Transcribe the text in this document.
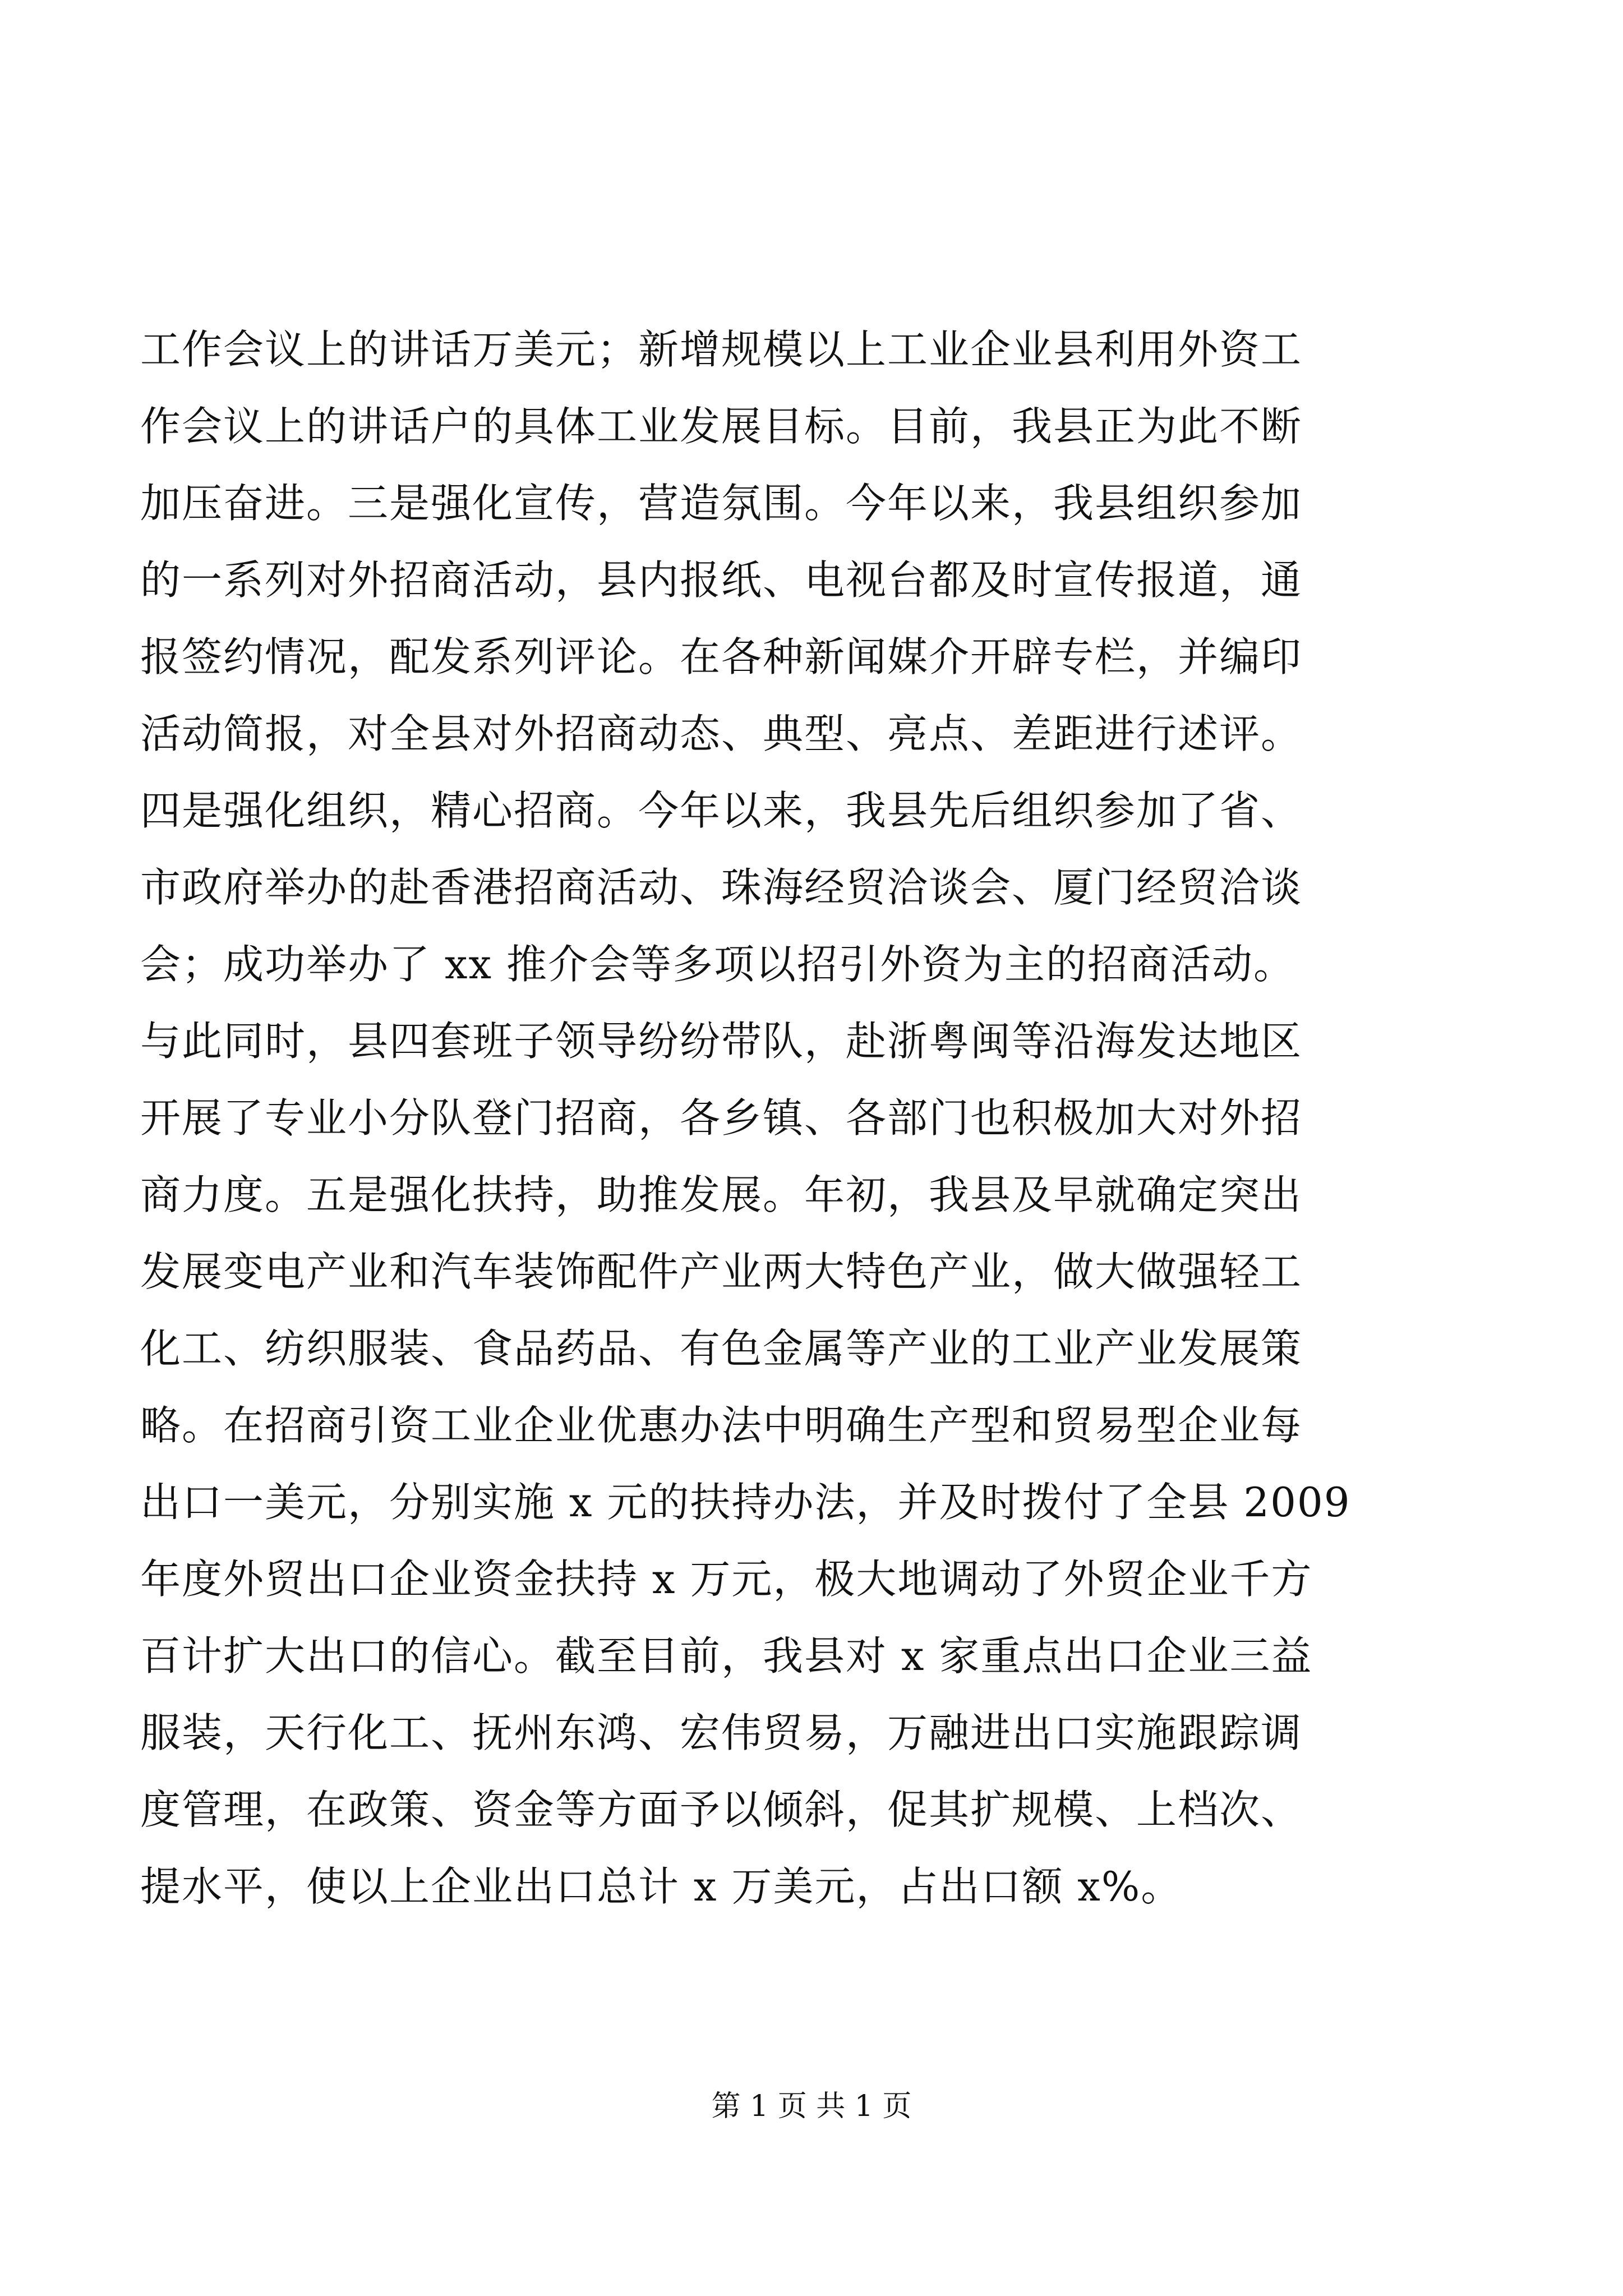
工作会议上的讲话万美元；新增规模以上工业企业县利用外资工
作会议上的讲话户的具体工业发展目标。目前，我县正为此不断
加压奋进。三是强化宣传，营造氛围。今年以来，我县组织参加
的一系列对外招商活动，县内报纸、电视台都及时宣传报道，通
报签约情况，配发系列评论。在各种新闻媒介开辟专栏，并编印
活动简报，对全县对外招商动态、典型、亮点、差距进行述评。
四是强化组织，精心招商。今年以来，我县先后组织参加了省、
市政府举办的赴香港招商活动、珠海经贸洽谈会、厦门经贸洽谈
会；成功举办了 xx 推介会等多项以招引外资为主的招商活动。
与此同时，县四套班子领导纷纷带队，赴浙粤闽等沿海发达地区
开展了专业小分队登门招商，各乡镇、各部门也积极加大对外招
商力度。五是强化扶持，助推发展。年初，我县及早就确定突出
发展变电产业和汽车装饰配件产业两大特色产业，做大做强轻工
化工、纺织服装、食品药品、有色金属等产业的工业产业发展策
略。在招商引资工业企业优惠办法中明确生产型和贸易型企业每
出口一美元，分别实施 x 元的扶持办法，并及时拨付了全县 2009
年度外贸出口企业资金扶持 x 万元，极大地调动了外贸企业千方
百计扩大出口的信心。截至目前，我县对 x 家重点出口企业三益
服装，天行化工、抚州东鸿、宏伟贸易，万融进出口实施跟踪调
度管理，在政策、资金等方面予以倾斜，促其扩规模、上档次、
提水平，使以上企业出口总计 x 万美元，占出口额 x%。
第 1 页 共 1 页
